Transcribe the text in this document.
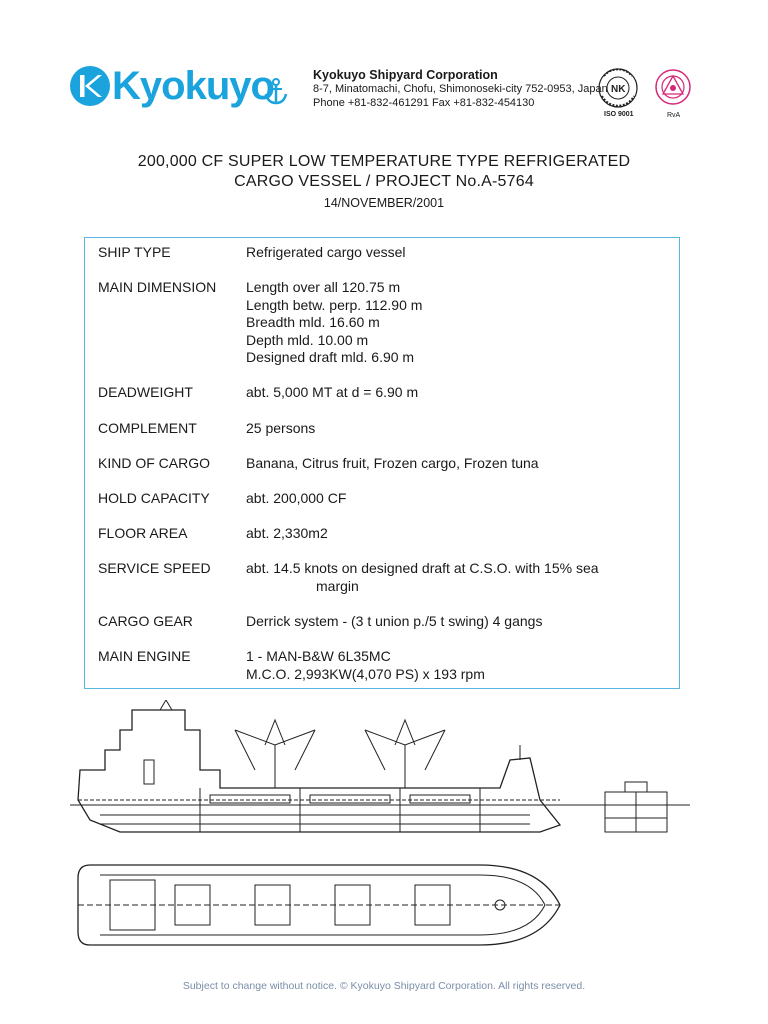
Kyokuyo	Kyokuyo Shipyard Corporation
8-7, Minatomachi, Chofu, Shimonoseki-city 752-0953, Japan
Phone +81-832-461291 Fax +81-832-454130
NK
ISO 9001	RvA
200,000 CF SUPER LOW TEMPERATURE TYPE REFRIGERATED
CARGO VESSEL / PROJECT No.A-5764
14/NOVEMBER/2001
SHIP TYPE	Refrigerated cargo vessel
MAIN DIMENSION	Length over all 120.75 m
Length betw. perp. 112.90 m
Breadth mld. 16.60 m
Depth mld. 10.00 m
Designed draft mld. 6.90 m
DEADWEIGHT	abt. 5,000 MT at d = 6.90 m
COMPLEMENT	25 persons
KIND OF CARGO	Banana, Citrus fruit, Frozen cargo, Frozen tuna
HOLD CAPACITY	abt. 200,000 CF
FLOOR AREA	abt. 2,330m2
SERVICE SPEED	abt. 14.5 knots on designed draft at C.S.O. with 15% sea
margin
CARGO GEAR	Derrick system - (3 t union p./5 t swing) 4 gangs
MAIN ENGINE	1 - MAN-B&W 6L35MC
M.C.O. 2,993KW(4,070 PS) x 193 rpm
Subject to change without notice. © Kyokuyo Shipyard Corporation. All rights reserved.
